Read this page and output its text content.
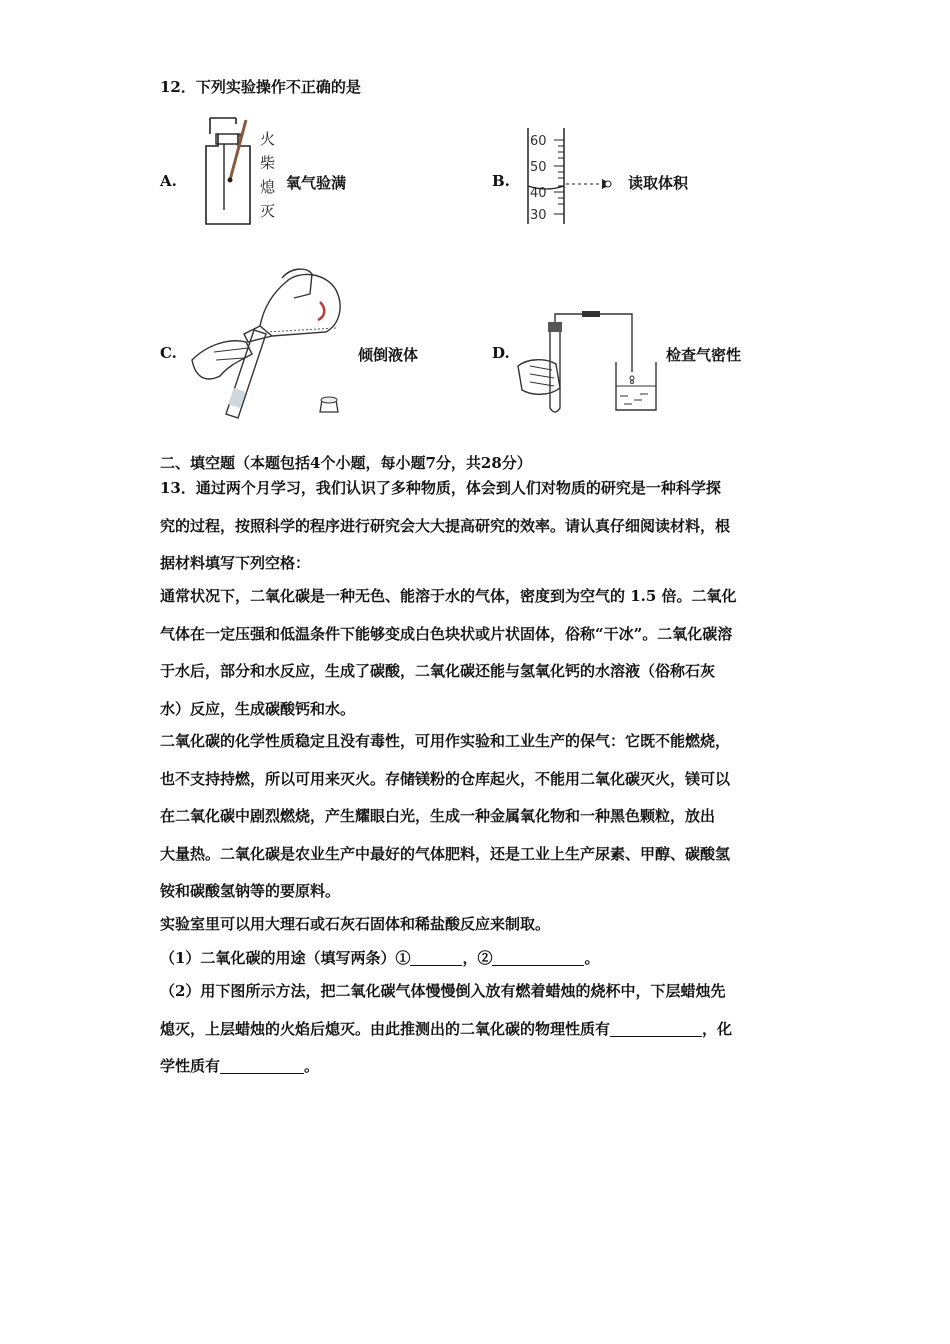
12．下列实验操作不正确的是
A.
火
柴
熄
灭
氧气验满	B.
60
50
40
30
读取体积
C.	倾倒液体	D.	检查气密性
二、填空题（本题包括4个小题，每小题7分，共28分）
13．通过两个月学习，我们认识了多种物质，体会到人们对物质的研究是一种科学探
究的过程，按照科学的程序进行研究会大大提高研究的效率。请认真仔细阅读材料，根
据材料填写下列空格：
通常状况下，二氧化碳是一种无色、能溶于水的气体，密度到为空气的 1.5 倍。二氧化
气体在一定压强和低温条件下能够变成白色块状或片状固体，俗称“干冰”。二氧化碳溶
于水后，部分和水反应，生成了碳酸，二氧化碳还能与氢氧化钙的水溶液（俗称石灰
水）反应，生成碳酸钙和水。
二氧化碳的化学性质稳定且没有毒性，可用作实验和工业生产的保气：它既不能燃烧，
也不支持持燃，所以可用来灭火。存储镁粉的仓库起火，不能用二氧化碳灭火，镁可以
在二氧化碳中剧烈燃烧，产生耀眼白光，生成一种金属氧化物和一种黑色颗粒，放出
大量热。二氧化碳是农业生产中最好的气体肥料，还是工业上生产尿素、甲醇、碳酸氢
铵和碳酸氢钠等的要原料。
实验室里可以用大理石或石灰石固体和稀盐酸反应来制取。
（1）二氧化碳的用途（填写两条）①	，②	。
（2）用下图所示方法，把二氧化碳气体慢慢倒入放有燃着蜡烛的烧杯中，下层蜡烛先
熄灭，上层蜡烛的火焰后熄灭。由此推测出的二氧化碳的物理性质有	，化
学性质有	。
